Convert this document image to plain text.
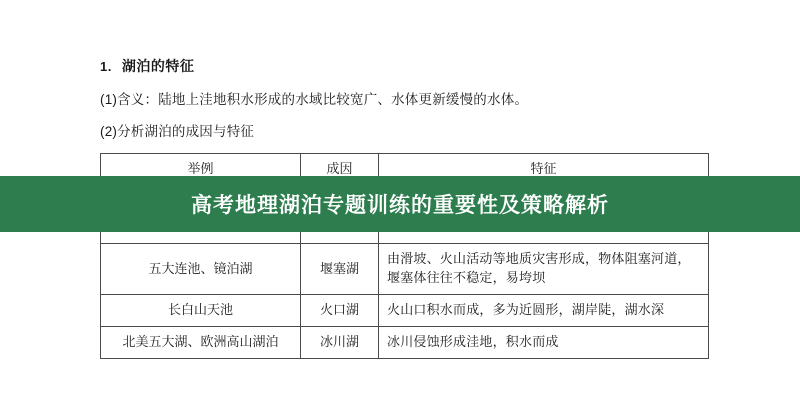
1. 湖泊的特征

(1)含义：陆地上洼地积水形成的水域比较宽广、水体更新缓慢的水体。

(2)分析湖泊的成因与特征

举例	成因	特征

五大连池、镜泊湖	堰塞湖	由滑坡、火山活动等地质灾害形成，物体阻塞河道，堰塞体往往不稳定，易垮坝
长白山天池	火口湖	火山口积水而成，多为近圆形，湖岸陡，湖水深
北美五大湖、欧洲高山湖泊	冰川湖	冰川侵蚀形成洼地，积水而成
高考地理湖泊专题训练的重要性及策略解析
